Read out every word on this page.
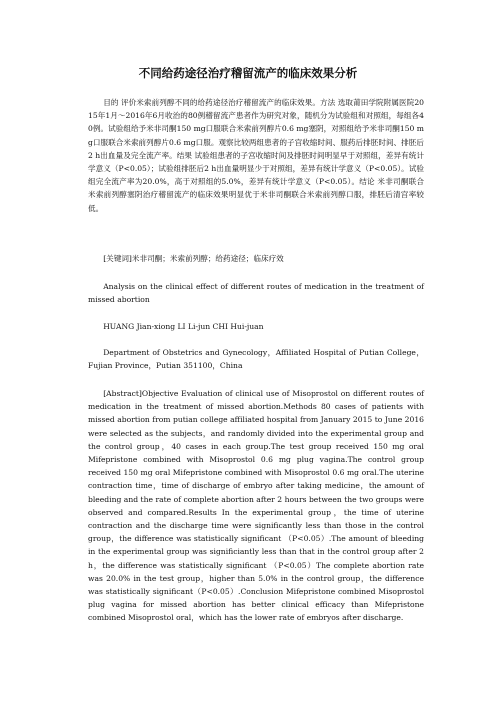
不同给药途径治疗稽留流产的临床效果分析
目的 评价米索前列醇不同的给药途径治疗稽留流产的临床效果。方法 选取莆田学院附属医院2015年1月～2016年6月收治的80例稽留流产患者作为研究对象，随机分为试验组和对照组，每组各40例。试验组给予米非司酮150 mg口服联合米索前列醇片0.6 mg塞阴，对照组给予米非司酮150 mg口服联合米索前列醇片0.6 mg口服。观察比较两组患者的子宫收缩时间、服药后排胚时间、排胚后2 h出血量及完全流产率。结果 试验组患者的子宫收缩时间及排胚时间明显早于对照组，差异有统计学意义（P<0.05）；试验组排胚后2 h出血量明显少于对照组，差异有统计学意义（P<0.05）。试验组完全流产率为20.0%，高于对照组的5.0%，差异有统计学意义（P<0.05）。结论 米非司酮联合米索前列醇塞阴治疗稽留流产的临床效果明显优于米非司酮联合米索前列醇口服，排胚后清宫率较低。
[关键词]米非司酮；米索前列醇；给药途径；临床疗效
Analysis on the clinical effect of different routes of medication in the treatment of missed abortion
HUANG Jian-xiong LI Li-jun CHI Hui-juan
Department of Obstetrics and Gynecology，Affiliated Hospital of Putian College，Fujian Province，Putian 351100，China
[Abstract]Objective Evaluation of clinical use of Misoprostol on different routes of medication in the treatment of missed abortion.Methods 80 cases of patients with missed abortion from putian college affiliated hospital from January 2015 to June 2016 were selected as the subjects，and randomly divided into the experimental group and the control group，40 cases in each group.The test group received 150 mg oral Mifepristone combined with Misoprostol 0.6 mg plug vagina.The control group received 150 mg oral Mifepristone combined with Misoprostol 0.6 mg oral.The uterine contraction time，time of discharge of embryo after taking medicine，the amount of bleeding and the rate of complete abortion after 2 hours between the two groups were observed and compared.Results In the experimental group，the time of uterine contraction and the discharge time were significantly less than those in the control group，the difference was statistically significant （P<0.05）.The amount of bleeding in the experimental group was significiantly less than that in the control group after 2 h，the difference was statistically significant （P<0.05）The complete abortion rate was 20.0% in the test group，higher than 5.0% in the control group，the difference was statistically significant（P<0.05）.Conclusion Mifepristone combined Misoprostol plug vagina for missed abortion has better clinical efficacy than Mifepristone combined Misoprostol oral，which has the lower rate of embryos after discharge.
